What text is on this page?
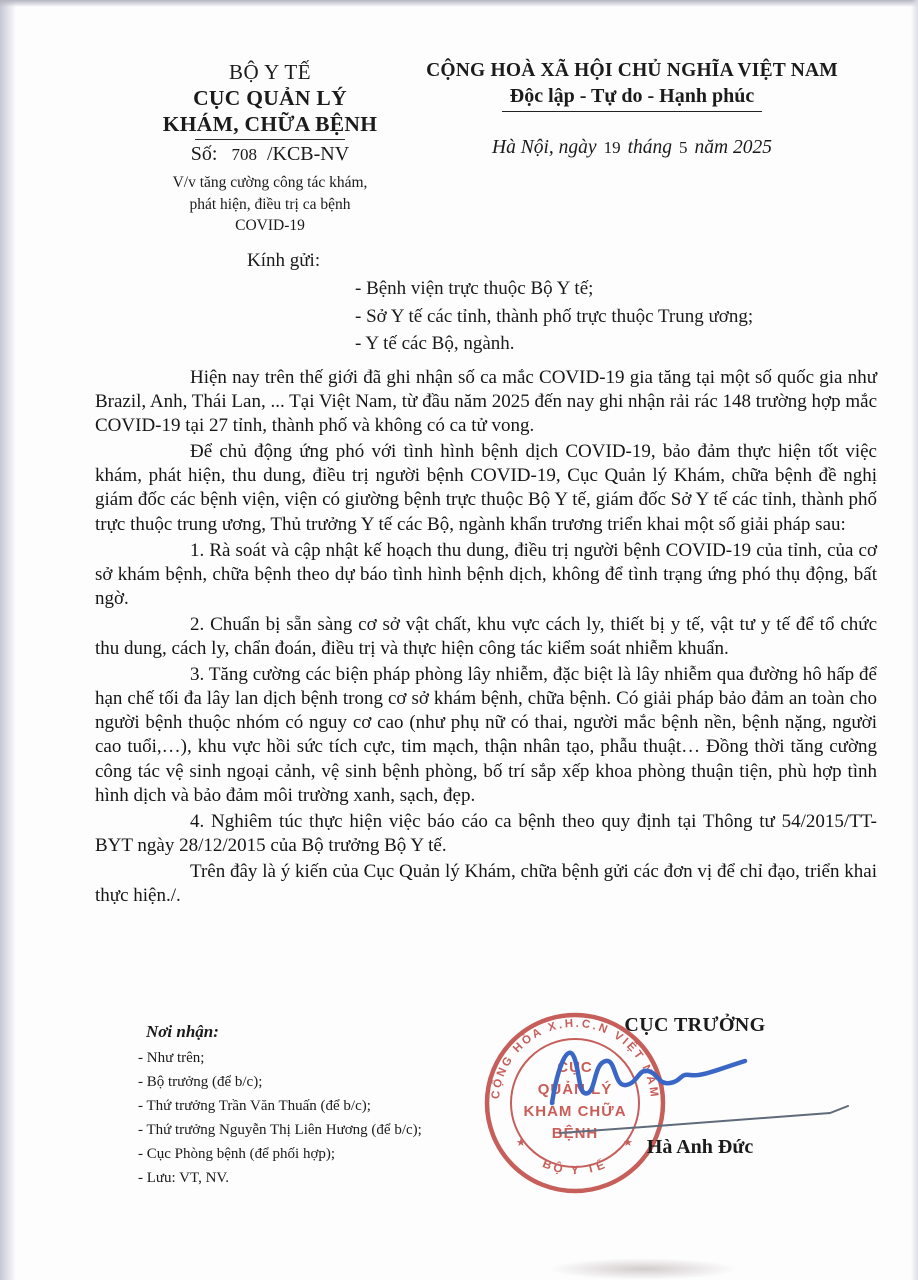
BỘ Y TẾ
CỤC QUẢN LÝ
KHÁM, CHỮA BỆNH
Số: 708 /KCB-NV
V/v tăng cường công tác khám,
phát hiện, điều trị ca bệnh
COVID-19
CỘNG HOÀ XÃ HỘI CHỦ NGHĨA VIỆT NAM
Độc lập - Tự do - Hạnh phúc
Hà Nội, ngày 19 tháng 5 năm 2025
Kính gửi:
- Bệnh viện trực thuộc Bộ Y tế;
- Sở Y tế các tỉnh, thành phố trực thuộc Trung ương;
- Y tế các Bộ, ngành.

Hiện nay trên thế giới đã ghi nhận số ca mắc COVID-19 gia tăng tại một số quốc gia như Brazil, Anh, Thái Lan, ... Tại Việt Nam, từ đầu năm 2025 đến nay ghi nhận rải rác 148 trường hợp mắc COVID-19 tại 27 tỉnh, thành phố và không có ca tử vong.

Để chủ động ứng phó với tình hình bệnh dịch COVID-19, bảo đảm thực hiện tốt việc khám, phát hiện, thu dung, điều trị người bệnh COVID-19, Cục Quản lý Khám, chữa bệnh đề nghị giám đốc các bệnh viện, viện có giường bệnh trực thuộc Bộ Y tế, giám đốc Sở Y tế các tỉnh, thành phố trực thuộc trung ương, Thủ trưởng Y tế các Bộ, ngành khẩn trương triển khai một số giải pháp sau:

1. Rà soát và cập nhật kế hoạch thu dung, điều trị người bệnh COVID-19 của tỉnh, của cơ sở khám bệnh, chữa bệnh theo dự báo tình hình bệnh dịch, không để tình trạng ứng phó thụ động, bất ngờ.

2. Chuẩn bị sẵn sàng cơ sở vật chất, khu vực cách ly, thiết bị y tế, vật tư y tế để tổ chức thu dung, cách ly, chẩn đoán, điều trị và thực hiện công tác kiểm soát nhiễm khuẩn.

3. Tăng cường các biện pháp phòng lây nhiễm, đặc biệt là lây nhiễm qua đường hô hấp để hạn chế tối đa lây lan dịch bệnh trong cơ sở khám bệnh, chữa bệnh. Có giải pháp bảo đảm an toàn cho người bệnh thuộc nhóm có nguy cơ cao (như phụ nữ có thai, người mắc bệnh nền, bệnh nặng, người cao tuổi,…), khu vực hồi sức tích cực, tim mạch, thận nhân tạo, phẫu thuật… Đồng thời tăng cường công tác vệ sinh ngoại cảnh, vệ sinh bệnh phòng, bố trí sắp xếp khoa phòng thuận tiện, phù hợp tình hình dịch và bảo đảm môi trường xanh, sạch, đẹp.

4. Nghiêm túc thực hiện việc báo cáo ca bệnh theo quy định tại Thông tư 54/2015/TT-BYT ngày 28/12/2015 của Bộ trưởng Bộ Y tế.

Trên đây là ý kiến của Cục Quản lý Khám, chữa bệnh gửi các đơn vị để chỉ đạo, triển khai thực hiện./.

Nơi nhận:
- Như trên;
- Bộ trưởng (để b/c);
- Thứ trưởng Trần Văn Thuấn (để b/c);
- Thứ trưởng Nguyễn Thị Liên Hương (để b/c);
- Cục Phòng bệnh (để phối hợp);
- Lưu: VT, NV.
CỤC TRƯỞNG
CỘNG HÒA X.H.C.N VIỆT NAM
BỘ Y TẾ
★	★
CỤC
QUẢN LÝ
KHÁM CHỮA
BỆNH
Hà Anh Đức
